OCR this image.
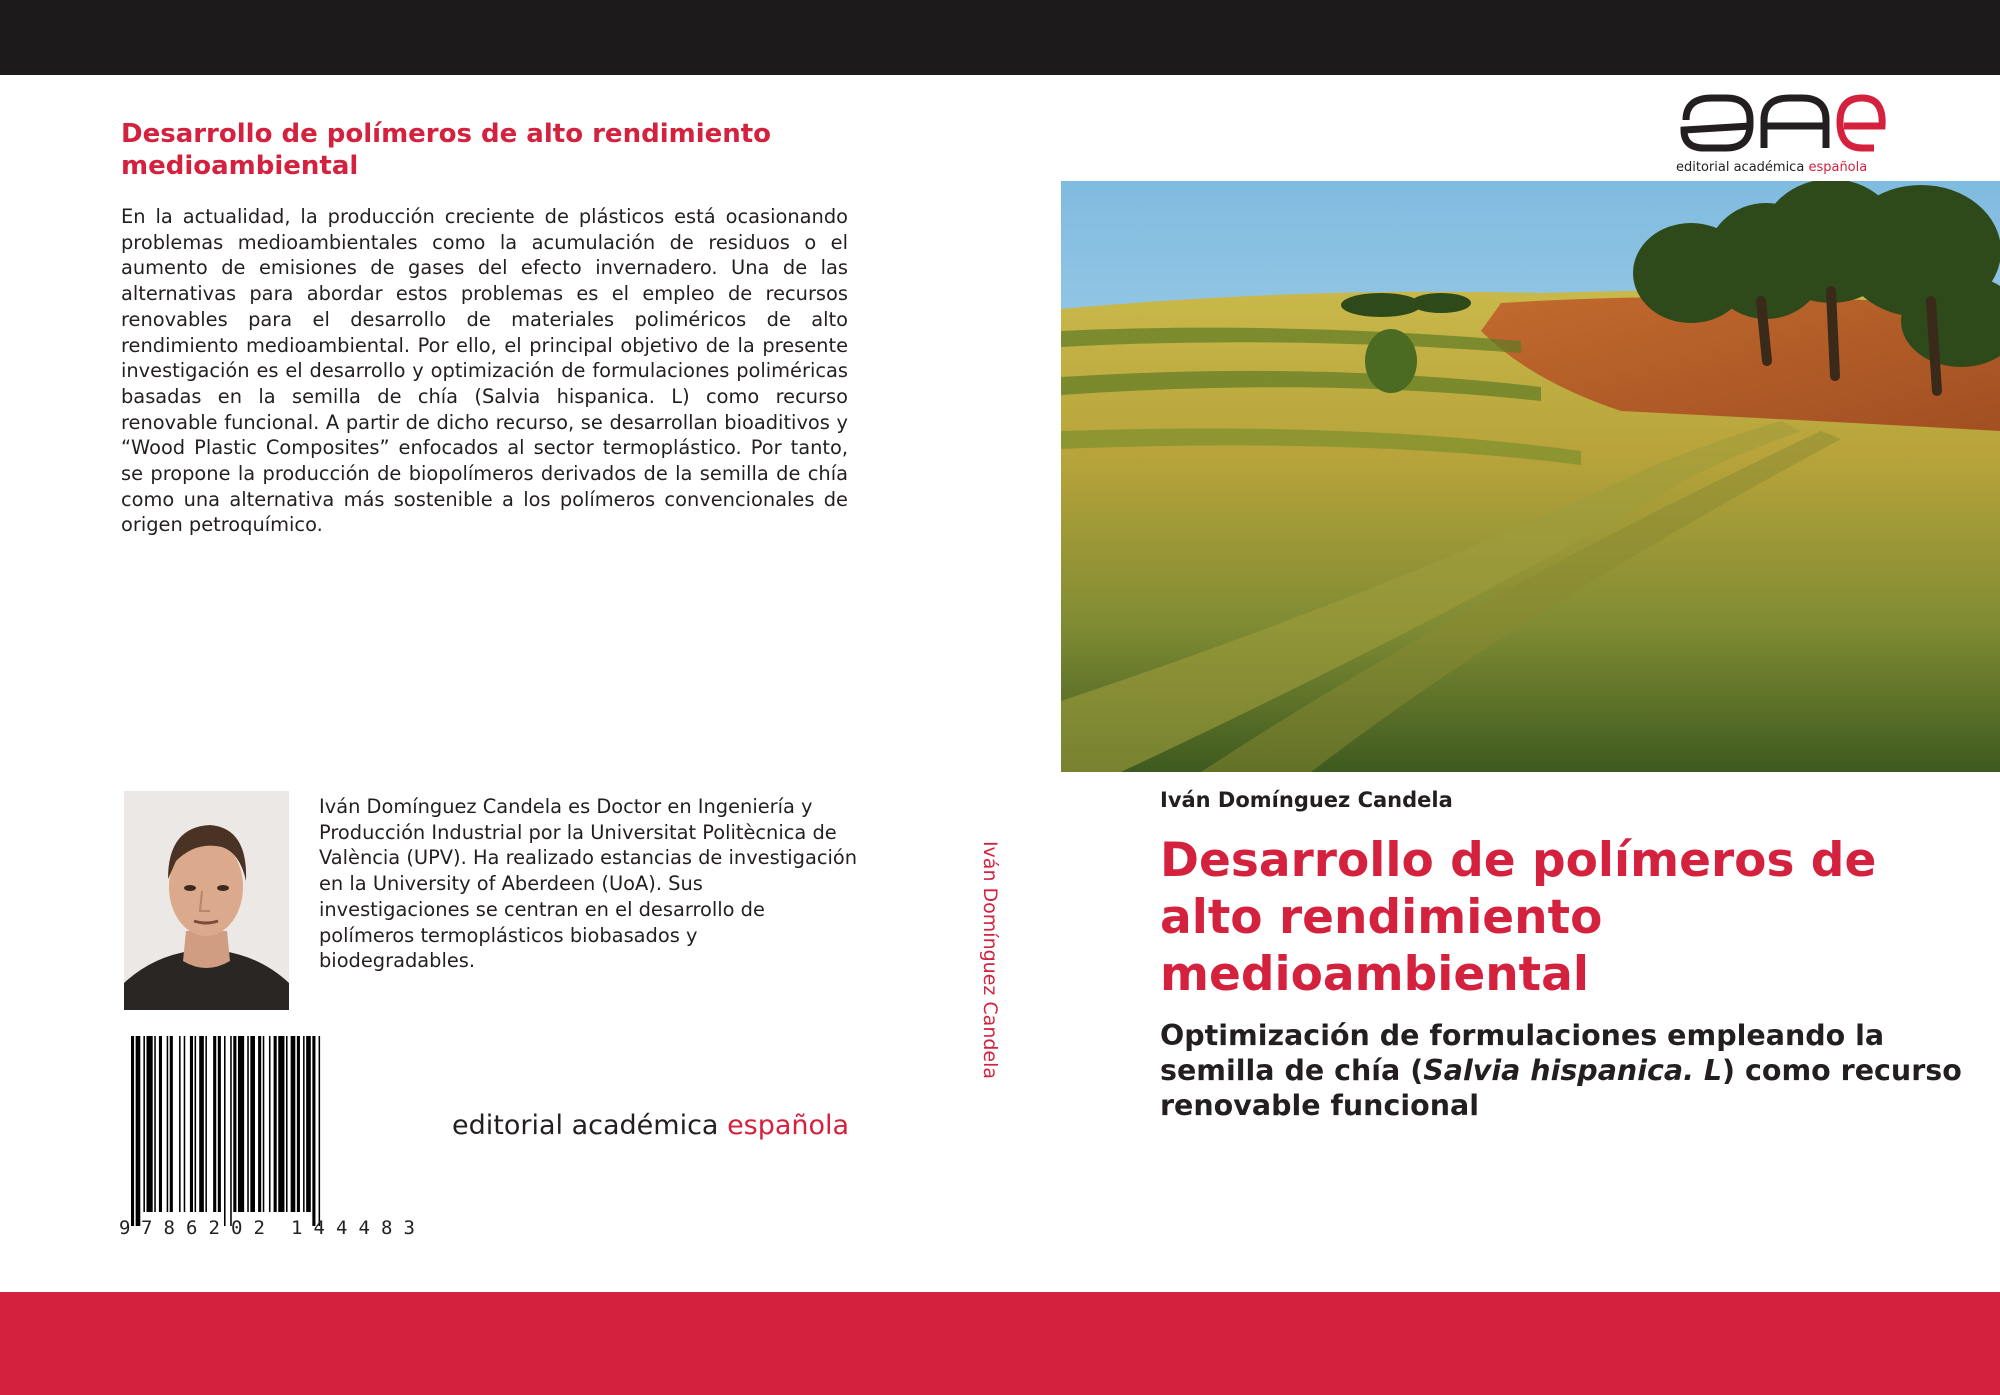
Desarrollo de polímeros de alto rendimiento medioambiental

En la actualidad, la producción creciente de plásticos está ocasionando problemas medioambientales como la acumulación de residuos o el aumento de emisiones de gases del efecto invernadero. Una de las alternativas para abordar estos problemas es el empleo de recursos renovables para el desarrollo de materiales poliméricos de alto rendimiento medioambiental. Por ello, el principal objetivo de la presente investigación es el desarrollo y optimización de formulaciones poliméricas basadas en la semilla de chía (Salvia hispanica. L) como recurso renovable funcional. A partir de dicho recurso, se desarrollan bioaditivos y “Wood Plastic Composites” enfocados al sector termoplástico. Por tanto, se propone la producción de biopolímeros derivados de la semilla de chía como una alternativa más sostenible a los polímeros convencionales de origen petroquímico.

Iván Domínguez Candela es Doctor en Ingeniería y Producción Industrial por la Universitat Politècnica de València (UPV). Ha realizado estancias de investigación en la University of Aberdeen (UoA). Sus investigaciones se centran en el desarrollo de polímeros termoplásticos biobasados y biodegradables.

9 7 8 6 2 0 2 1 4 4 4 8 3
editorial académica española
Iván Domínguez Candela
editorial académica española
Iván Domínguez Candela
Desarrollo de polímeros de alto rendimiento medioambiental

Optimización de formulaciones empleando la semilla de chía (Salvia hispanica. L) como recurso renovable funcional
